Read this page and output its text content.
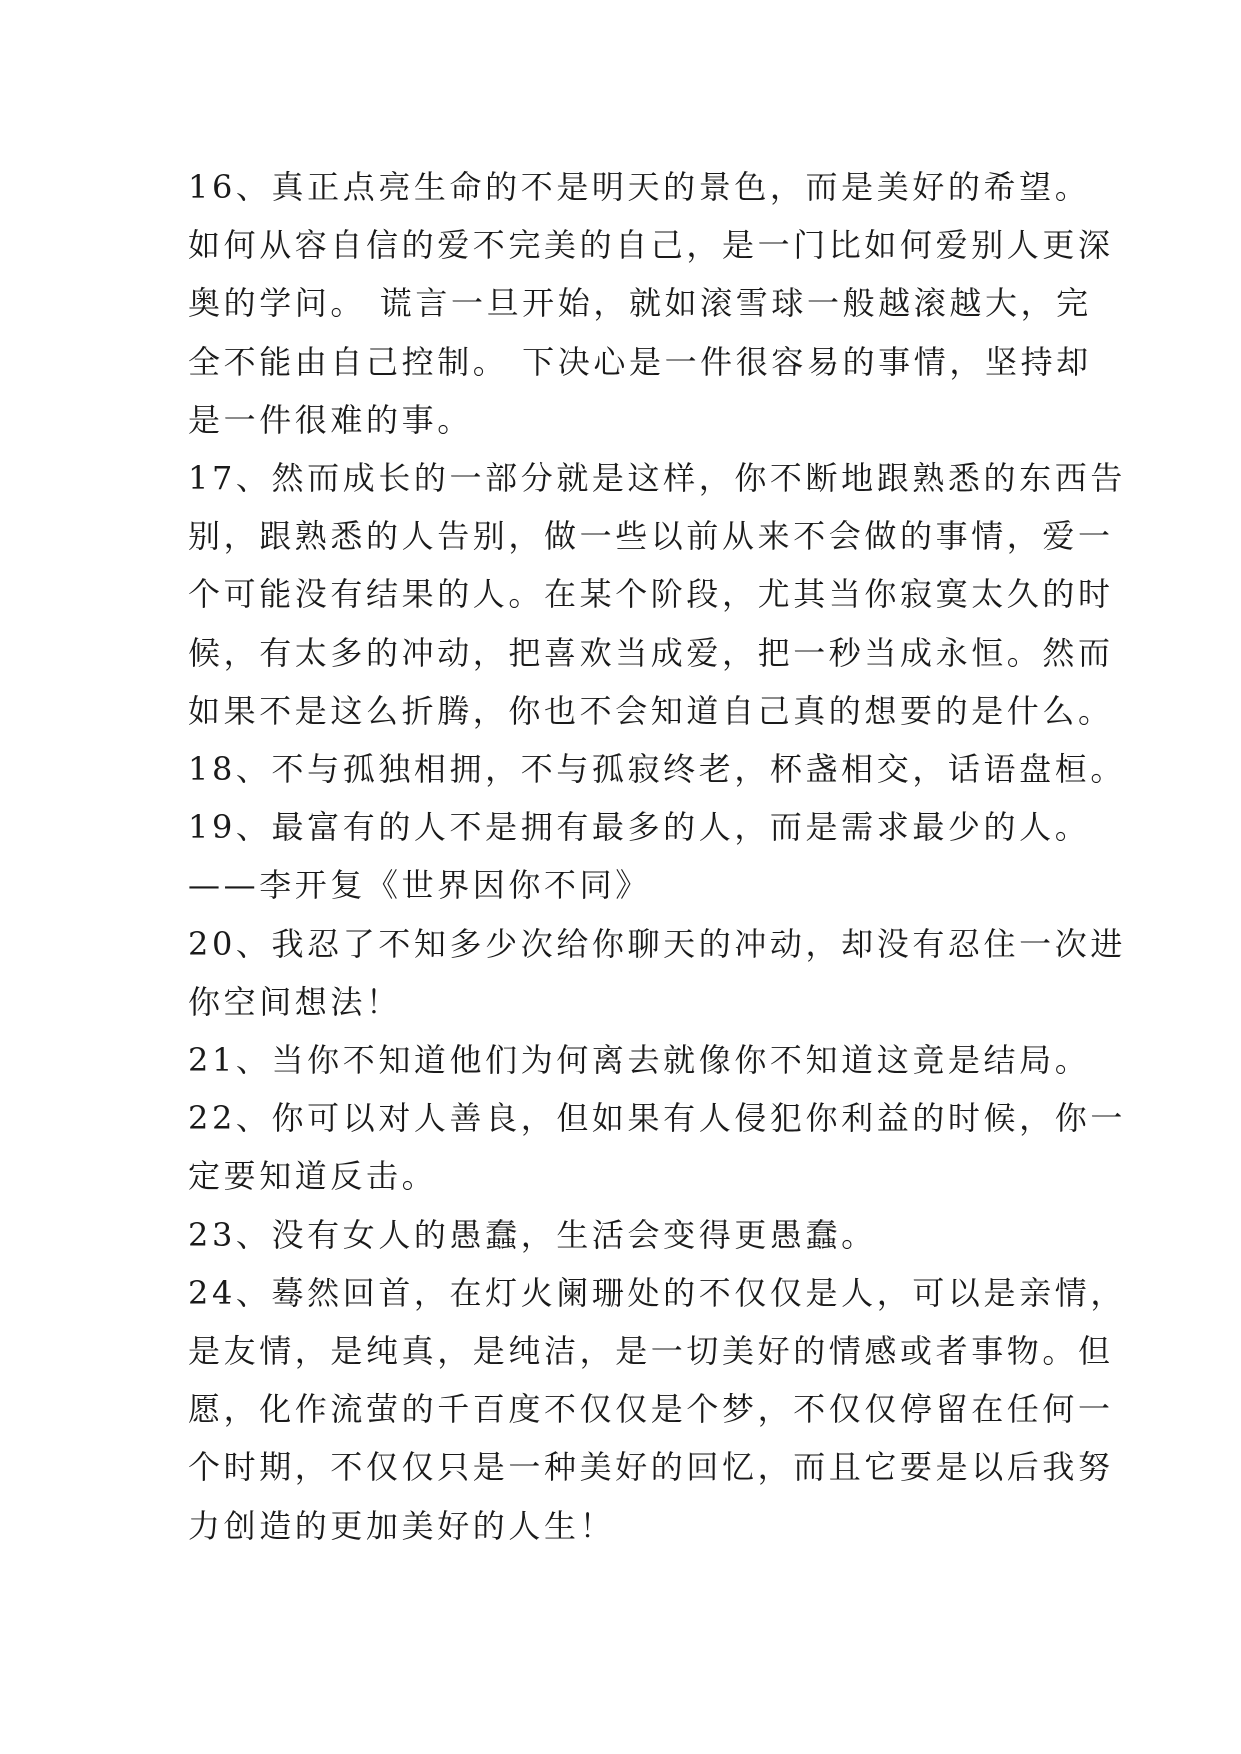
16、真正点亮生命的不是明天的景色，而是美好的希望。
如何从容自信的爱不完美的自己，是一门比如何爱别人更深
奥的学问。 谎言一旦开始，就如滚雪球一般越滚越大，完
全不能由自己控制。 下决心是一件很容易的事情，坚持却
是一件很难的事。

17、然而成长的一部分就是这样，你不断地跟熟悉的东西告
别，跟熟悉的人告别，做一些以前从来不会做的事情，爱一
个可能没有结果的人。在某个阶段，尤其当你寂寞太久的时
候，有太多的冲动，把喜欢当成爱，把一秒当成永恒。然而
如果不是这么折腾，你也不会知道自己真的想要的是什么。

18、不与孤独相拥，不与孤寂终老，杯盏相交，话语盘桓。

19、最富有的人不是拥有最多的人，而是需求最少的人。
——李开复《世界因你不同》

20、我忍了不知多少次给你聊天的冲动，却没有忍住一次进
你空间想法！

21、当你不知道他们为何离去就像你不知道这竟是结局。

22、你可以对人善良，但如果有人侵犯你利益的时候，你一
定要知道反击。

23、没有女人的愚蠢，生活会变得更愚蠢。

24、蓦然回首，在灯火阑珊处的不仅仅是人，可以是亲情，
是友情，是纯真，是纯洁，是一切美好的情感或者事物。但
愿，化作流萤的千百度不仅仅是个梦，不仅仅停留在任何一
个时期，不仅仅只是一种美好的回忆，而且它要是以后我努
力创造的更加美好的人生！
